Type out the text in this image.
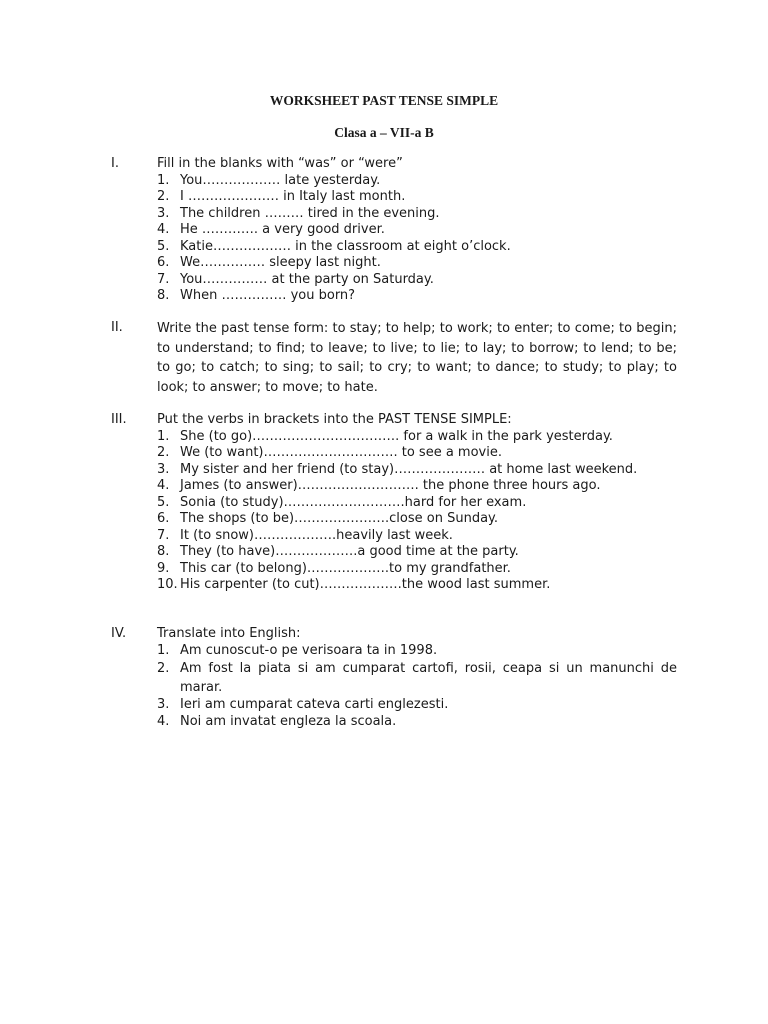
WORKSHEET PAST TENSE SIMPLE
Clasa a – VII-a B
I.	Fill in the blanks with “was” or “were”
1. You……………… late yesterday.
2. I ………………… in Italy last month.
3. The children ……… tired in the evening.
4. He …………. a very good driver.
5. Katie……………… in the classroom at eight o’clock.
6. We…………… sleepy last night.
7. You…………… at the party on Saturday.
8. When …………… you born?
II.	Write the past tense form: to stay; to help; to work; to enter; to come; to begin; to understand; to find; to leave; to live; to lie; to lay; to borrow; to lend; to be; to go; to catch; to sing; to sail; to cry; to want; to dance; to study; to play; to look; to answer; to move; to hate.
III. Put the verbs in brackets into the PAST TENSE SIMPLE:
1. She (to go)……………………………. for a walk in the park yesterday.
2. We (to want)…………………………. to see a movie.
3. My sister and her friend (to stay)………………… at home last weekend.
4. James (to answer)………………………. the phone three hours ago.
5. Sonia (to study)……………………….hard for her exam.
6. The shops (to be)………………….close on Sunday.
7. It (to snow)……………….heavily last week.
8. They (to have)……………….a good time at the party.
9. This car (to belong)……………….to my grandfather.
10. His carpenter (to cut)……………….the wood last summer.
IV. Translate into English:
1. Am cunoscut-o pe verisoara ta in 1998.
2. Am fost la piata si am cumparat cartofi, rosii, ceapa si un manunchi de marar.
3. Ieri am cumparat cateva carti englezesti.
4. Noi am invatat engleza la scoala.
